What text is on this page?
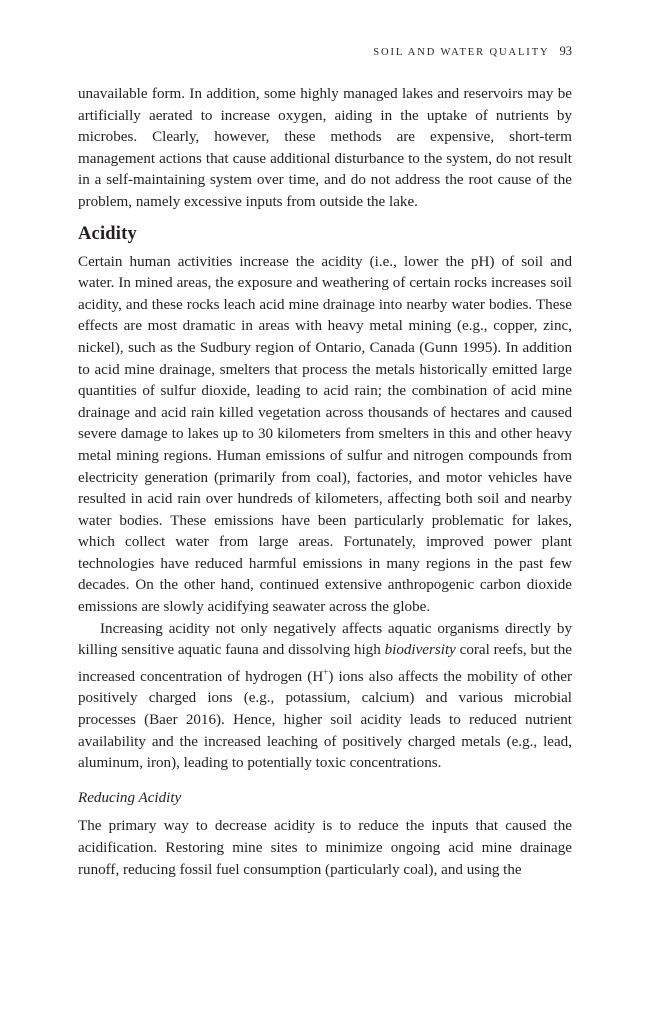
SOIL AND WATER QUALITY 93

unavailable form. In addition, some highly managed lakes and reservoirs may be artificially aerated to increase oxygen, aiding in the uptake of nutrients by microbes. Clearly, however, these methods are expensive, short-term management actions that cause additional disturbance to the system, do not result in a self-maintaining system over time, and do not address the root cause of the problem, namely excessive inputs from outside the lake.

Acidity

Certain human activities increase the acidity (i.e., lower the pH) of soil and water. In mined areas, the exposure and weathering of certain rocks increases soil acidity, and these rocks leach acid mine drainage into nearby water bodies. These effects are most dramatic in areas with heavy metal mining (e.g., copper, zinc, nickel), such as the Sudbury region of Ontario, Canada (Gunn 1995). In addition to acid mine drainage, smelters that process the metals historically emitted large quantities of sulfur dioxide, leading to acid rain; the combination of acid mine drainage and acid rain killed vegetation across thousands of hectares and caused severe damage to lakes up to 30 kilometers from smelters in this and other heavy metal mining regions. Human emissions of sulfur and nitrogen compounds from electricity generation (primarily from coal), factories, and motor vehicles have resulted in acid rain over hundreds of kilometers, affecting both soil and nearby water bodies. These emissions have been particularly problematic for lakes, which collect water from large areas. Fortunately, improved power plant technologies have reduced harmful emissions in many regions in the past few decades. On the other hand, continued extensive anthropogenic carbon dioxide emissions are slowly acidifying seawater across the globe.

Increasing acidity not only negatively affects aquatic organisms directly by killing sensitive aquatic fauna and dissolving high biodiversity coral reefs, but the increased concentration of hydrogen (H+) ions also affects the mobility of other positively charged ions (e.g., potassium, calcium) and various microbial processes (Baer 2016). Hence, higher soil acidity leads to reduced nutrient availability and the increased leaching of positively charged metals (e.g., lead, aluminum, iron), leading to potentially toxic concentrations.

Reducing Acidity

The primary way to decrease acidity is to reduce the inputs that caused the acidification. Restoring mine sites to minimize ongoing acid mine drainage runoff, reducing fossil fuel consumption (particularly coal), and using the
